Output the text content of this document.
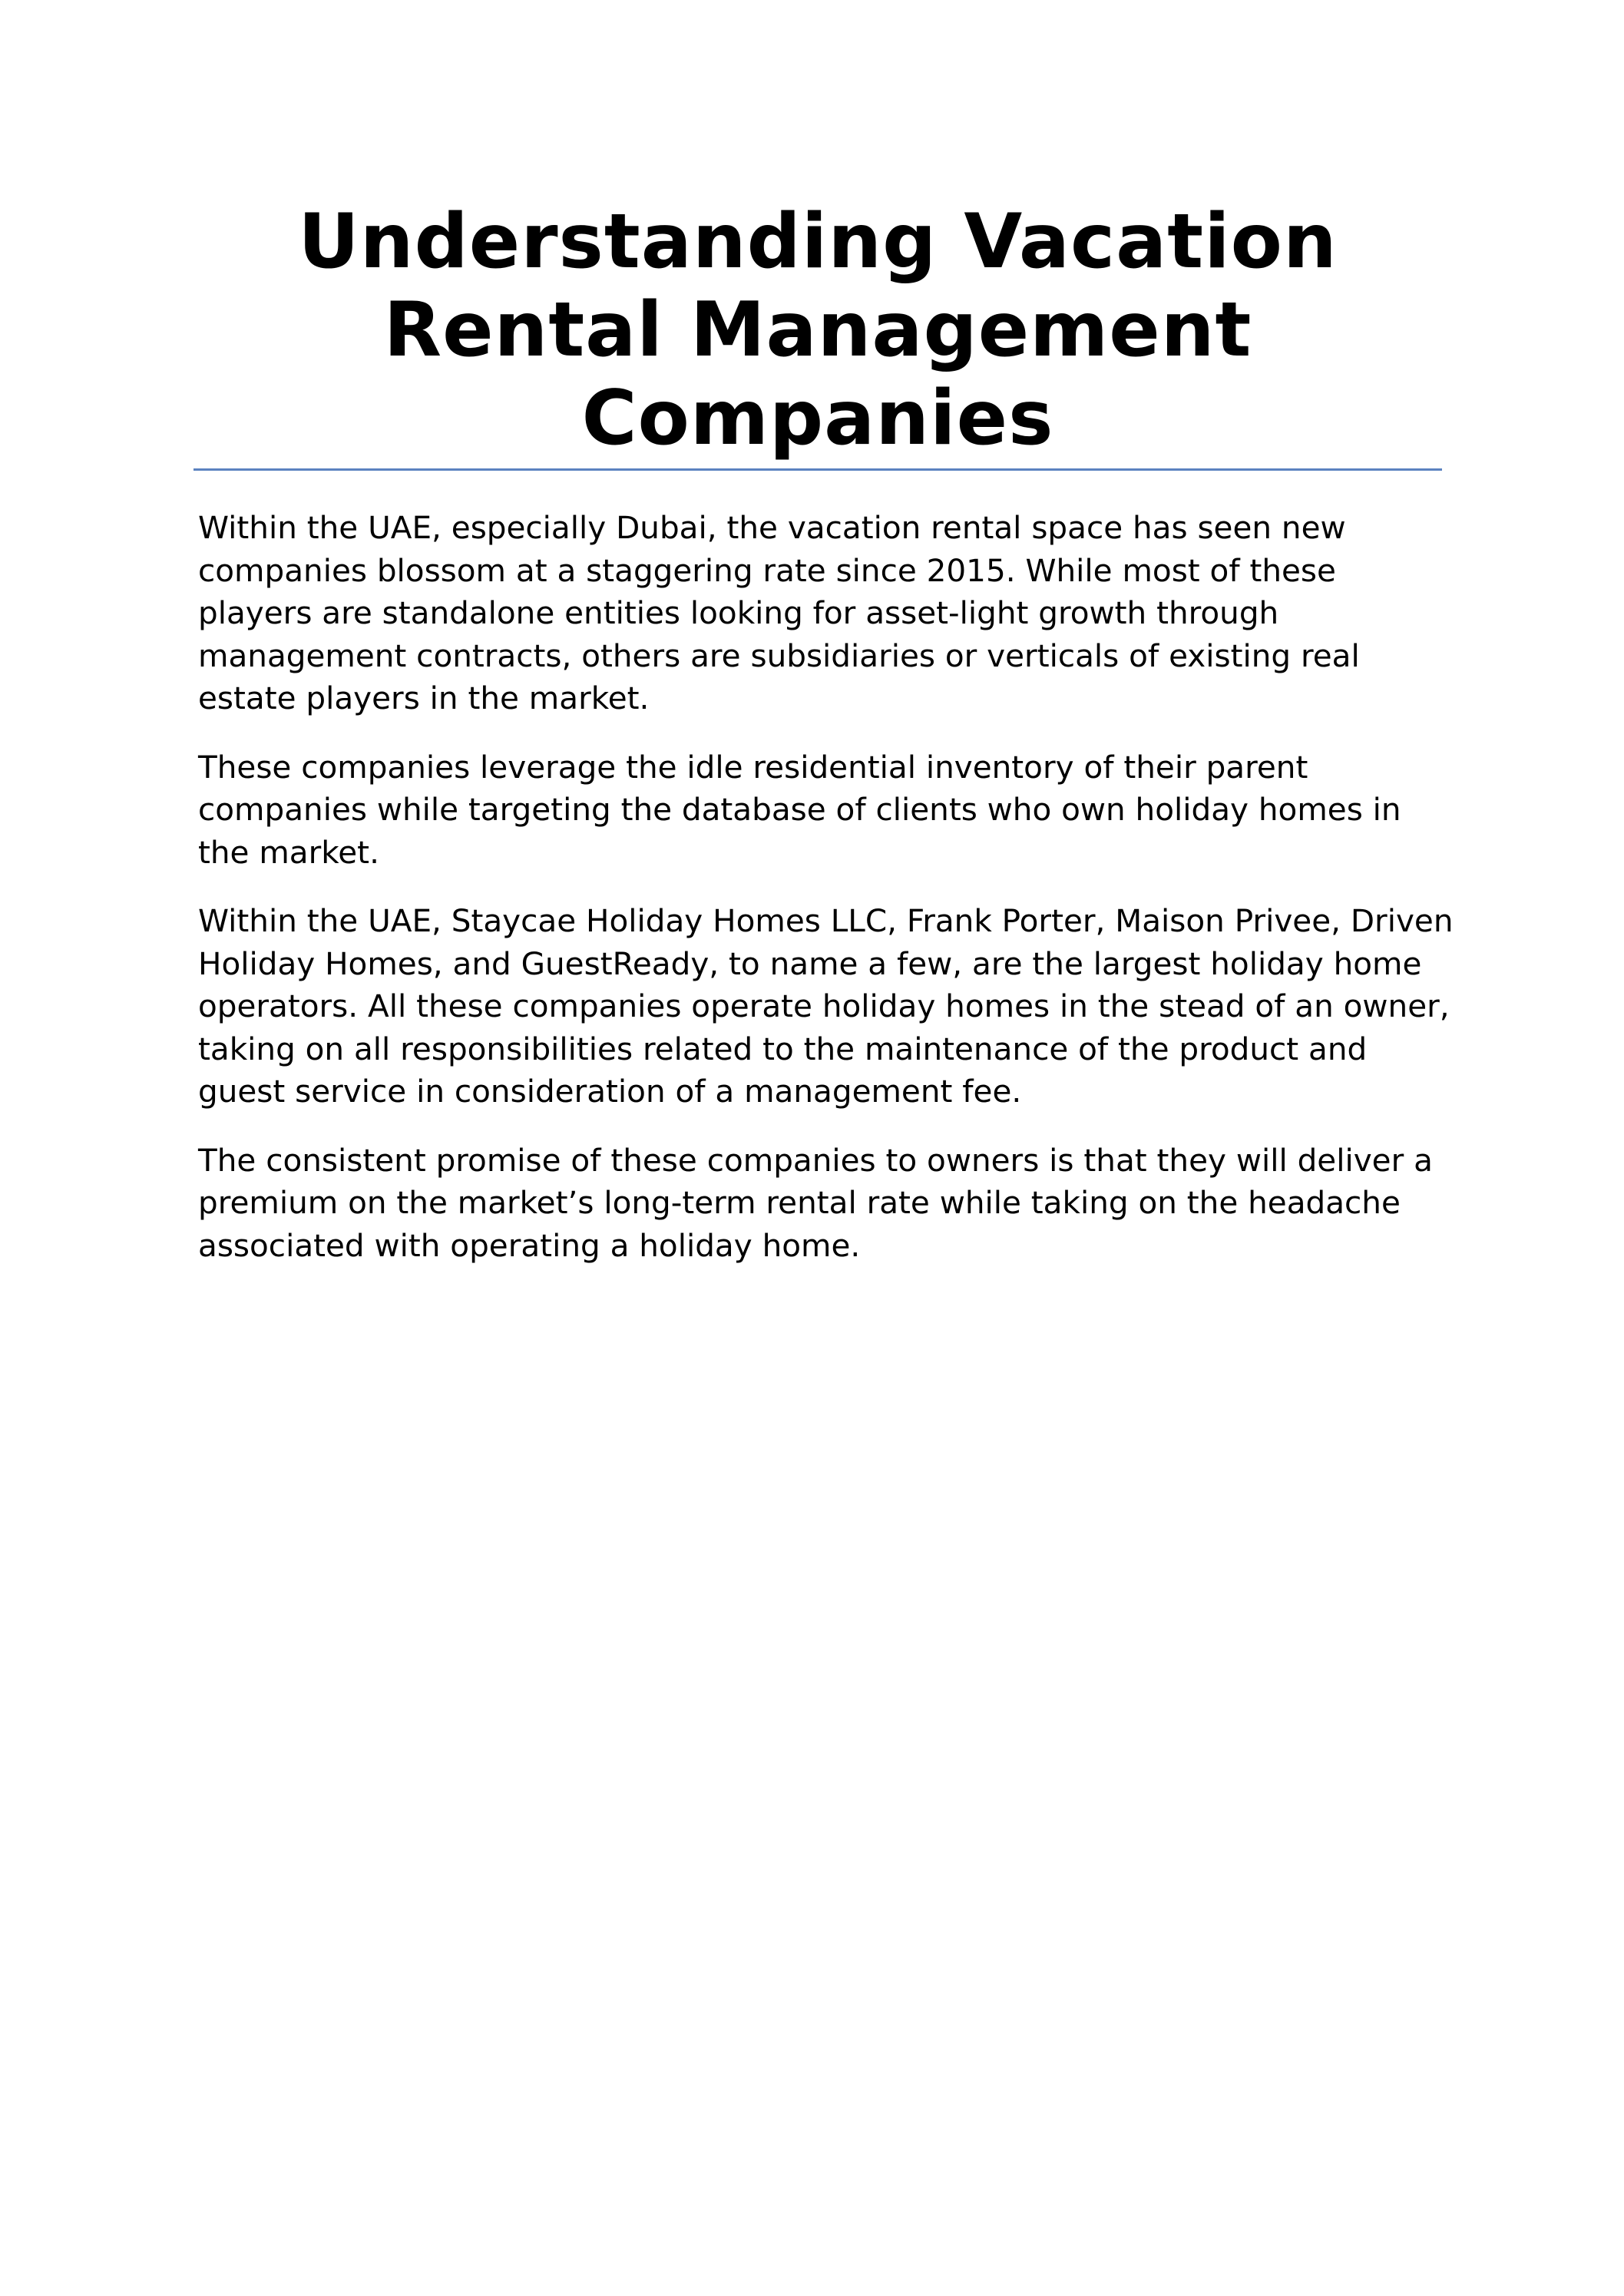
Understanding Vacation Rental Management Companies

Within the UAE, especially Dubai, the vacation rental space has seen new companies blossom at a staggering rate since 2015. While most of these players are standalone entities looking for asset-light growth through management contracts, others are subsidiaries or verticals of existing real estate players in the market.

These companies leverage the idle residential inventory of their parent companies while targeting the database of clients who own holiday homes in the market.

Within the UAE, Staycae Holiday Homes LLC, Frank Porter, Maison Privee, Driven Holiday Homes, and GuestReady, to name a few, are the largest holiday home operators. All these companies operate holiday homes in the stead of an owner, taking on all responsibilities related to the maintenance of the product and guest service in consideration of a management fee.

The consistent promise of these companies to owners is that they will deliver a premium on the market’s long-term rental rate while taking on the headache associated with operating a holiday home.
